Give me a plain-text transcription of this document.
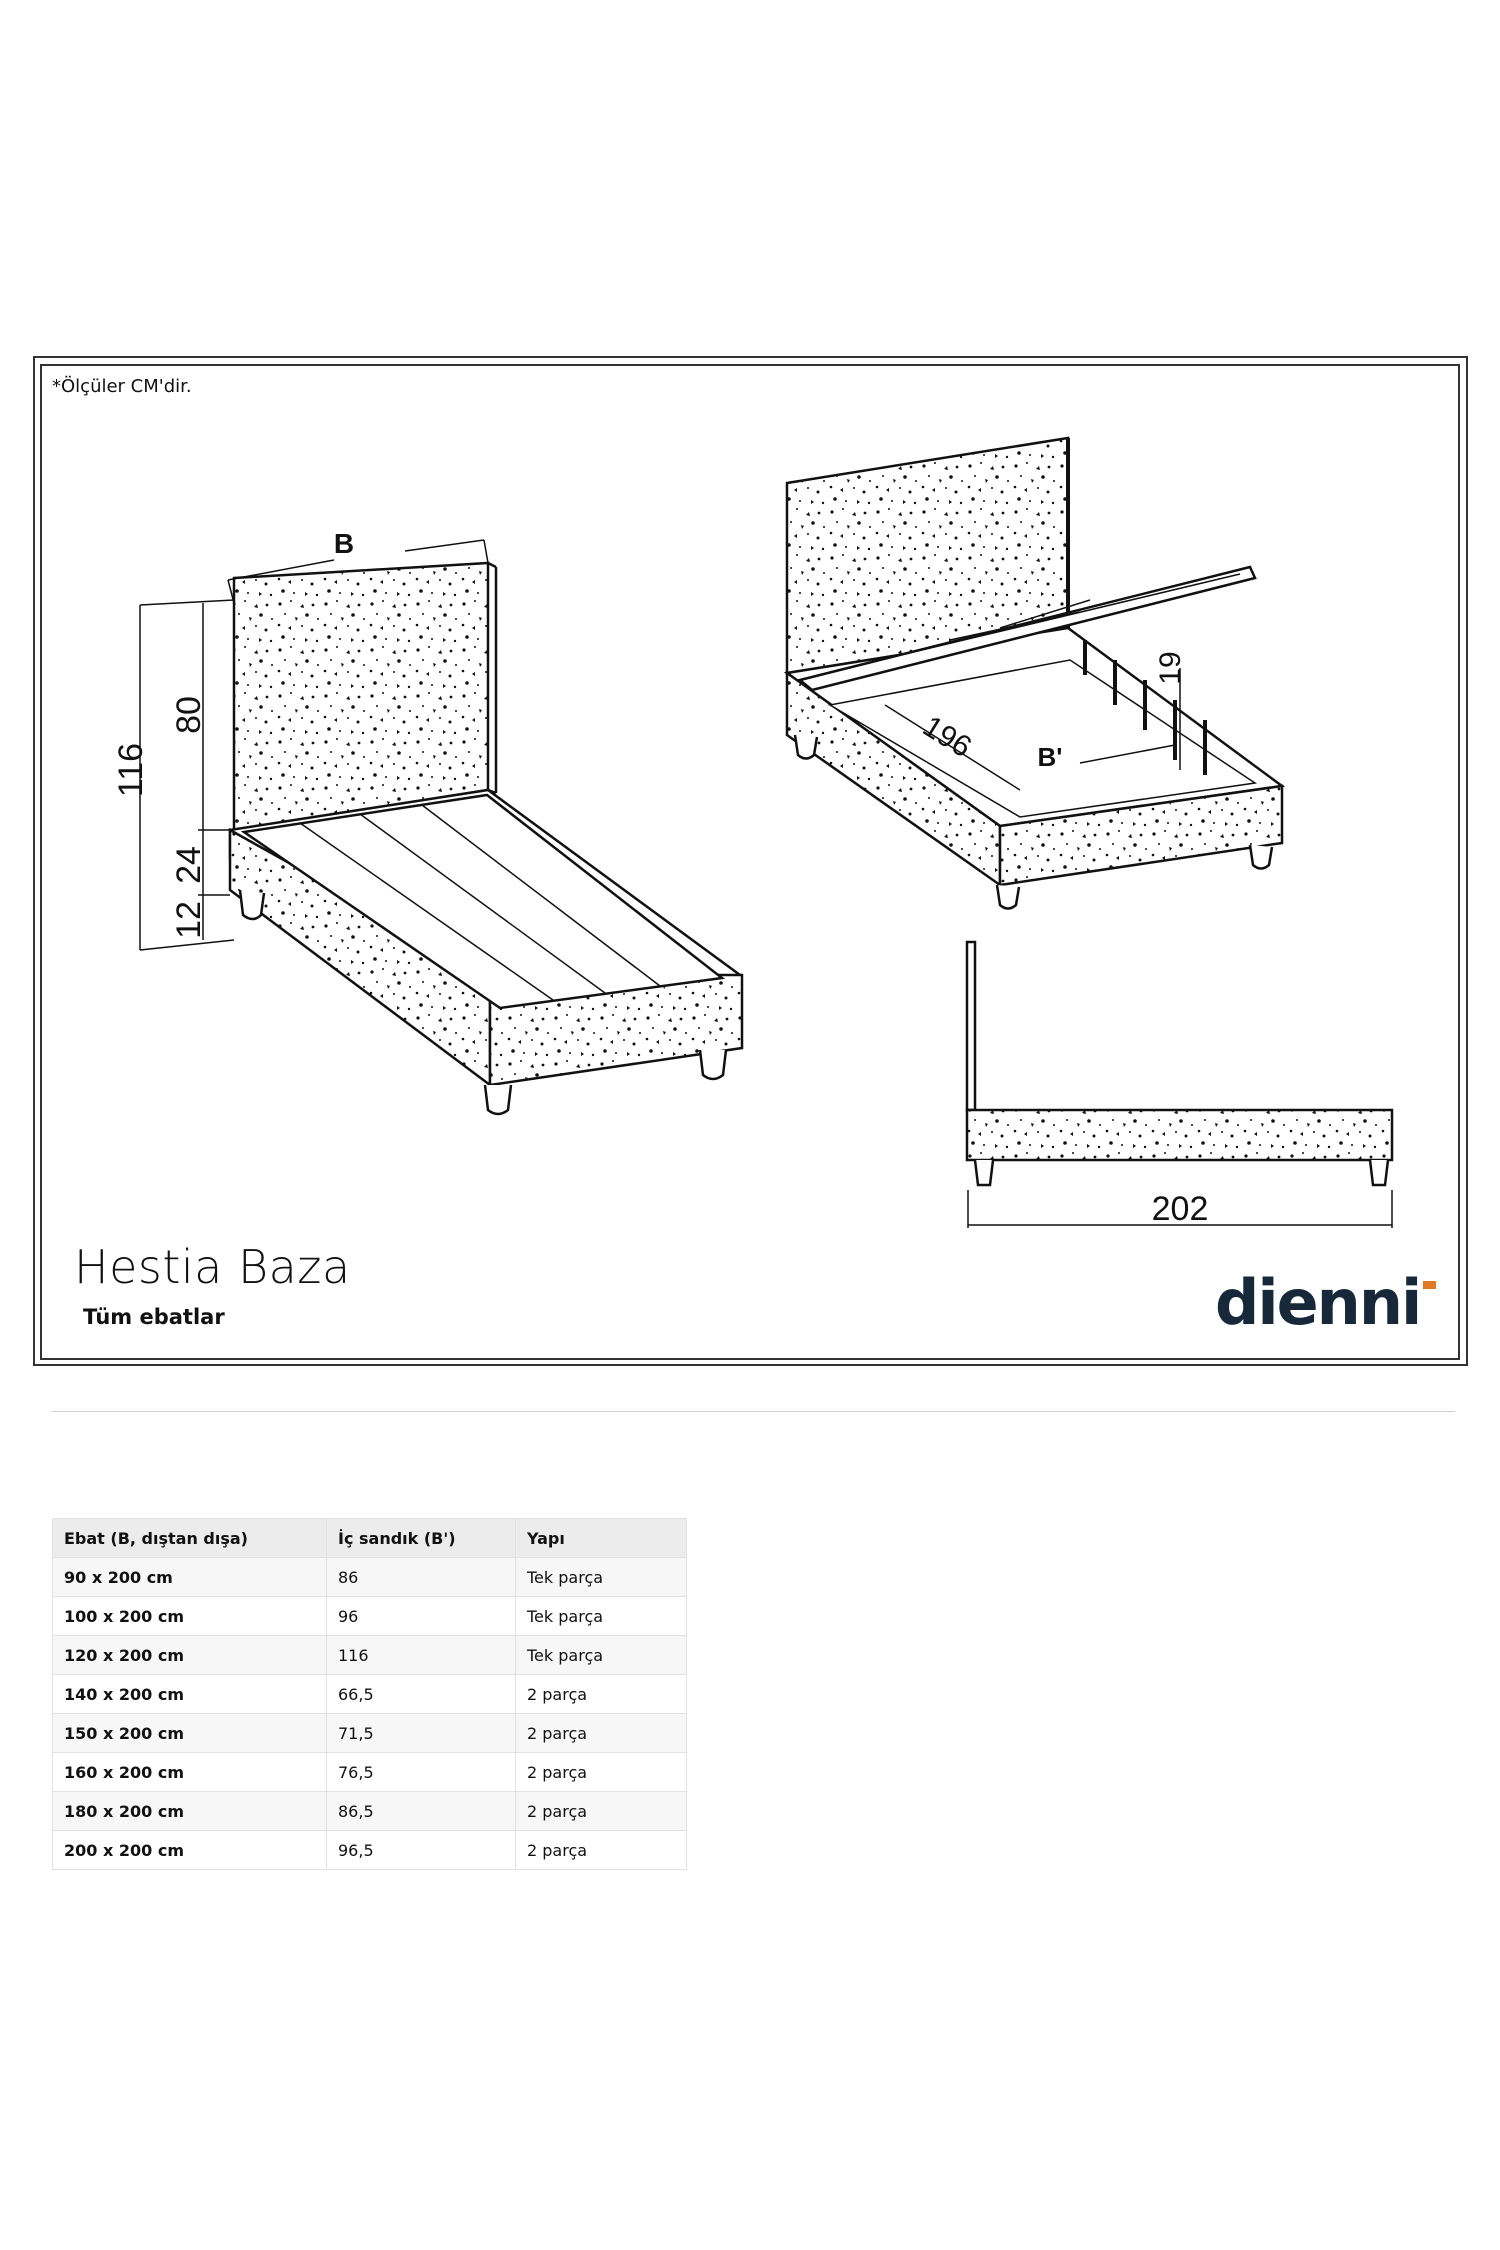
*Ölçüler CM'dir.
B
116
80
24
12
196 B'
19
202
Hestia Baza
Tüm ebatlar	dienni
Ebat (B, dıştan dışa)	İç sandık (B')	Yapı
90 x 200 cm	86	Tek parça
100 x 200 cm	96	Tek parça
120 x 200 cm	116	Tek parça
140 x 200 cm	66,5	2 parça
150 x 200 cm	71,5	2 parça
160 x 200 cm	76,5	2 parça
180 x 200 cm	86,5	2 parça
200 x 200 cm	96,5	2 parça
